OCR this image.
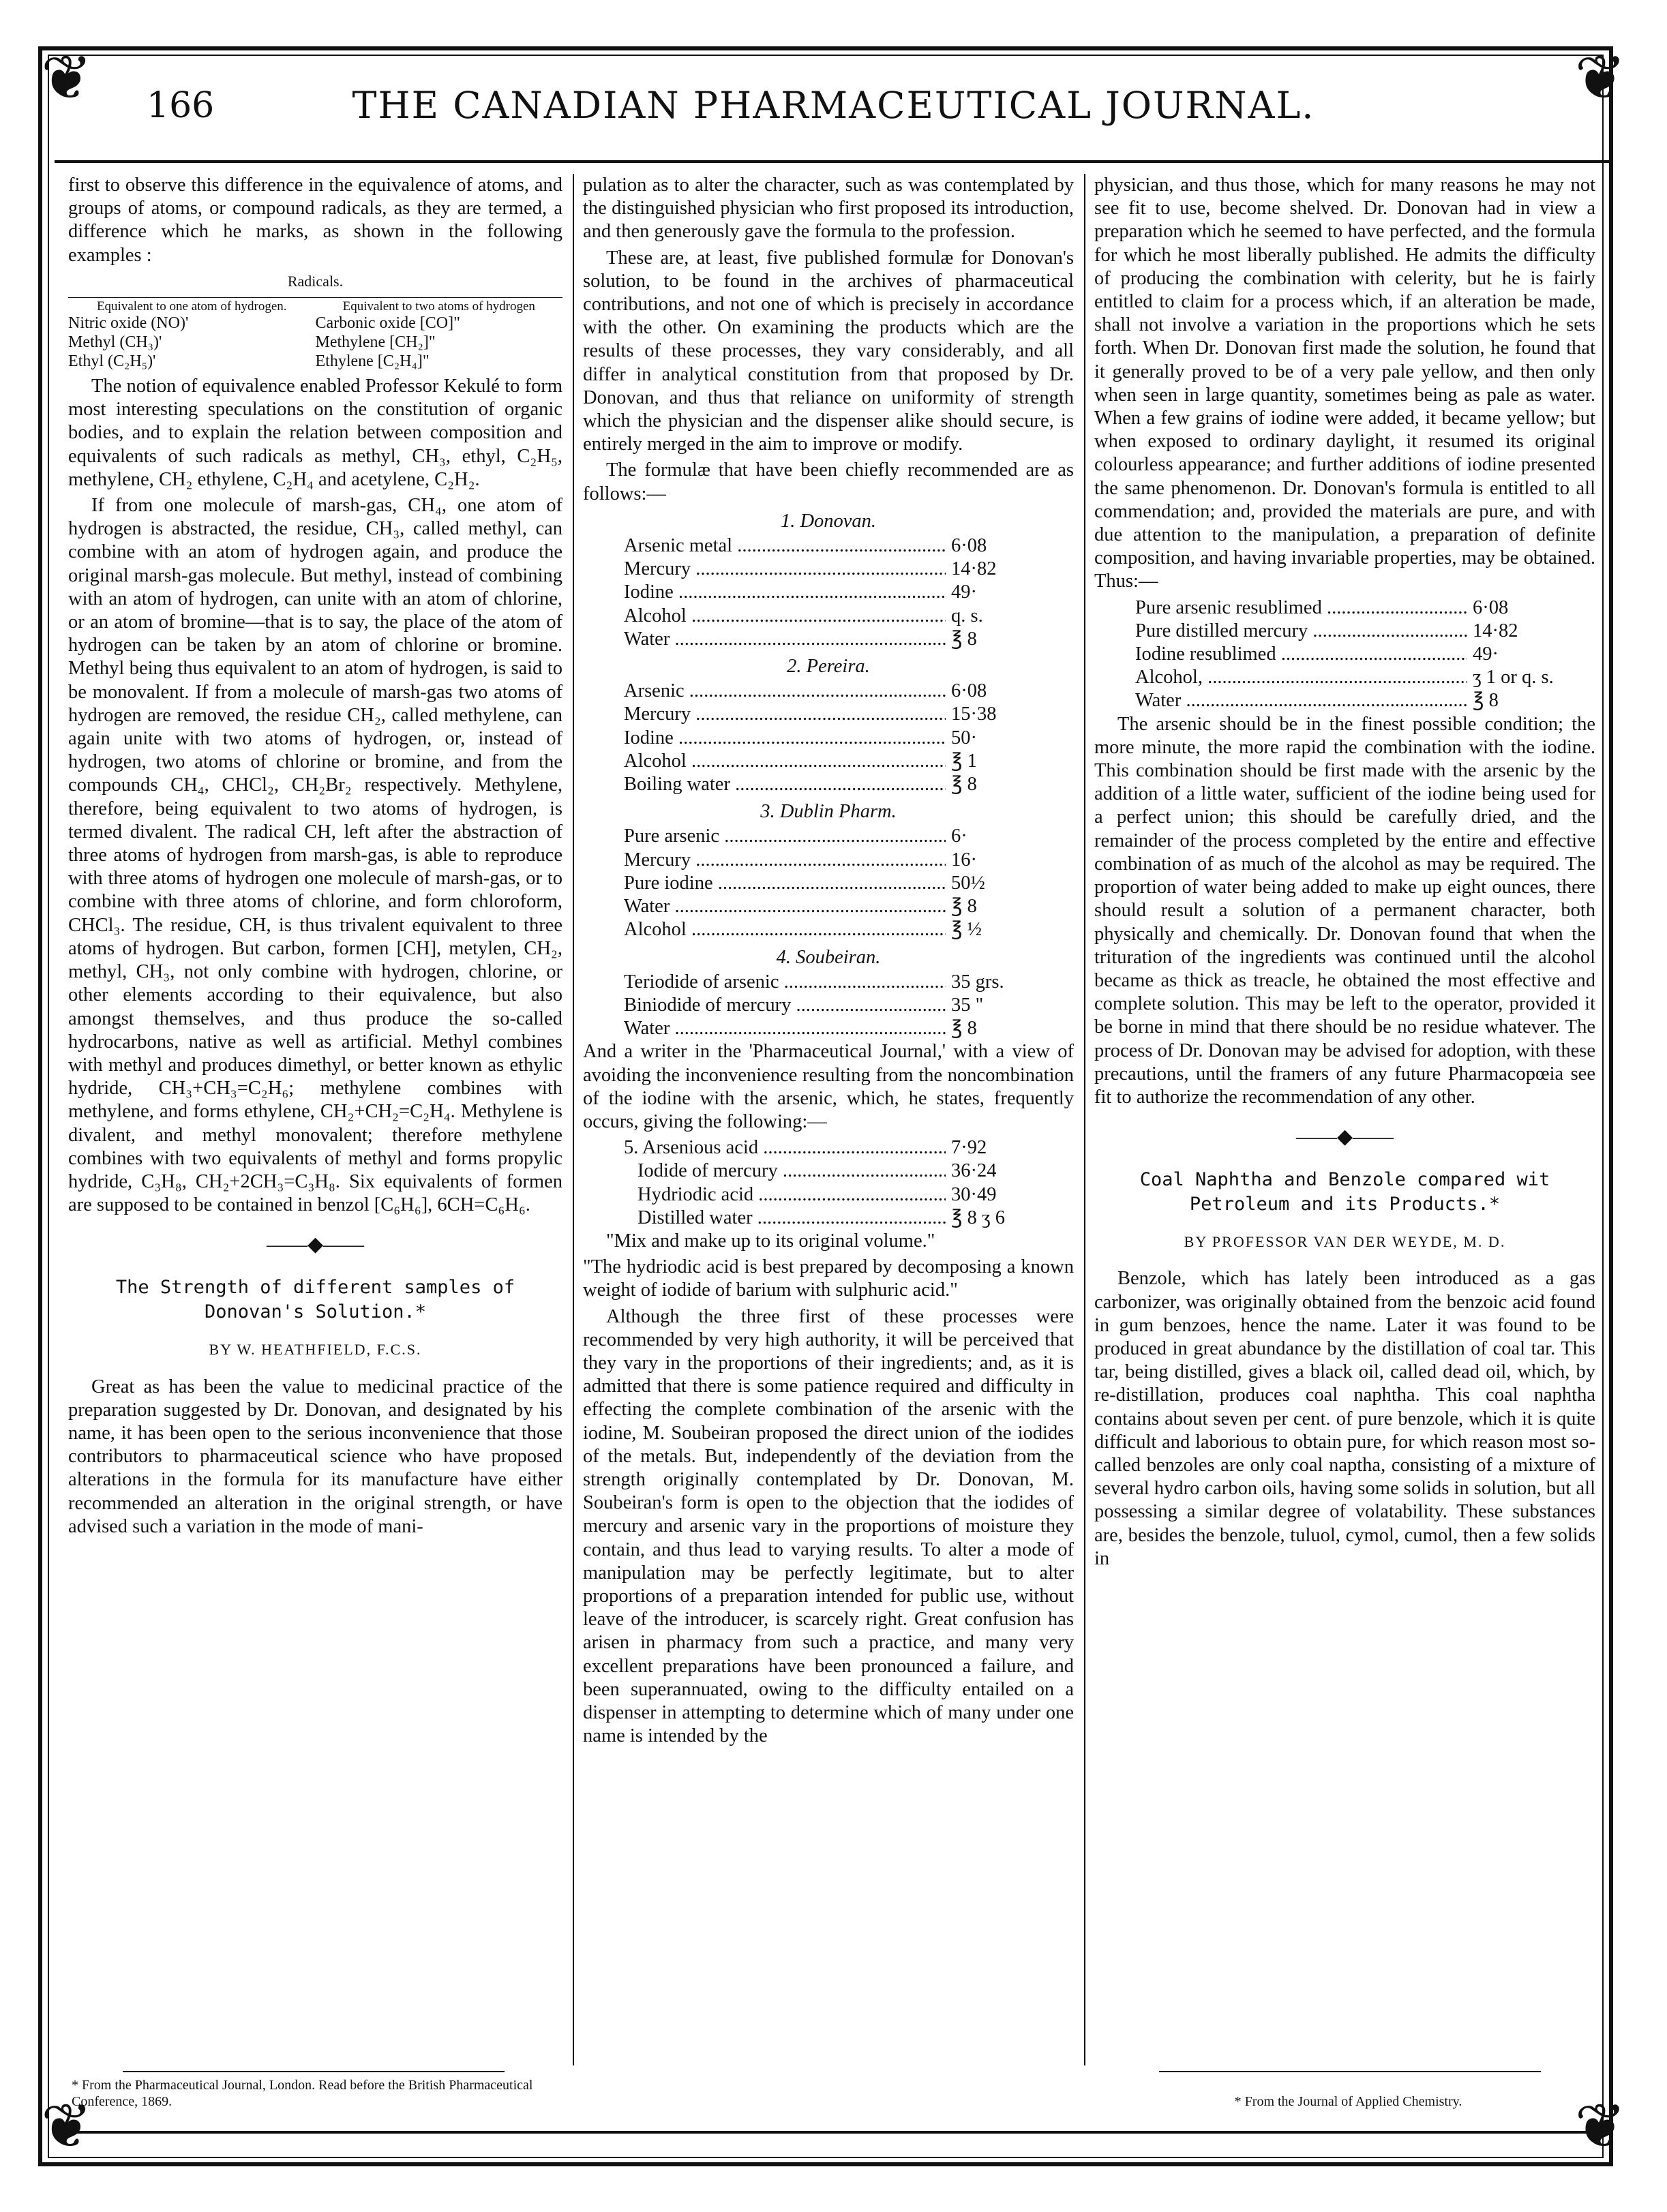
❦	❦
❦	❦
166	THE CANADIAN PHARMACEUTICAL JOURNAL.

first to observe this difference in the equivalence of atoms, and groups of atoms, or compound radicals, as they are termed, a difference which he marks, as shown in the following examples :

Radicals.
Equivalent to one atom of hydrogen.	Equivalent to two atoms of hydrogen
Nitric oxide (NO)'	Carbonic oxide [CO]"
Methyl (CH₃)'	Methylene [CH₂]"
Ethyl (C₂H₅)'	Ethylene [C₂H₄]"

The notion of equivalence enabled Professor Kekulé to form most interesting speculations on the constitution of organic bodies, and to explain the relation between composition and equivalents of such radicals as methyl, CH₃, ethyl, C₂H₅, methylene, CH₂ ethylene, C₂H₄ and acetylene, C₂H₂.

If from one molecule of marsh-gas, CH₄, one atom of hydrogen is abstracted, the residue, CH₃, called methyl, can combine with an atom of hydrogen again, and produce the original marsh-gas molecule. But methyl, instead of combining with an atom of hydrogen, can unite with an atom of chlorine, or an atom of bromine—that is to say, the place of the atom of hydrogen can be taken by an atom of chlorine or bromine. Methyl being thus equivalent to an atom of hydrogen, is said to be monovalent. If from a molecule of marsh-gas two atoms of hydrogen are removed, the residue CH₂, called methylene, can again unite with two atoms of hydrogen, or, instead of hydrogen, two atoms of chlorine or bromine, and from the compounds CH₄, CHCl₂, CH₂Br₂ respectively. Methylene, therefore, being equivalent to two atoms of hydrogen, is termed divalent. The radical CH, left after the abstraction of three atoms of hydrogen from marsh-gas, is able to reproduce with three atoms of hydrogen one molecule of marsh-gas, or to combine with three atoms of chlorine, and form chloroform, CHCl₃. The residue, CH, is thus trivalent equivalent to three atoms of hydrogen. But carbon, formen [CH], metylen, CH₂, methyl, CH₃, not only combine with hydrogen, chlorine, or other elements according to their equivalence, but also amongst themselves, and thus produce the so-called hydrocarbons, native as well as artificial. Methyl combines with methyl and produces dimethyl, or better known as ethylic hydride, CH₃+CH₃=C₂H₆; methylene combines with methylene, and forms ethylene, CH₂+CH₂=C₂H₄. Methylene is divalent, and methyl monovalent; therefore methylene combines with two equivalents of methyl and forms propylic hydride, C₃H₈, CH₂+2CH₃=C₃H₈. Six equivalents of formen are supposed to be contained in benzol [C₆H₆], 6CH=C₆H₆.

——◆——
The Strength of different samples of Donovan's Solution.*
BY W. HEATHFIELD, F.C.S.

Great as has been the value to medicinal practice of the preparation suggested by Dr. Donovan, and designated by his name, it has been open to the serious inconvenience that those contributors to pharmaceutical science who have proposed alterations in the formula for its manufacture have either recommended an alteration in the original strength, or have advised such a variation in the mode of mani-

* From the Pharmaceutical Journal, London. Read before the British Pharmaceutical Conference, 1869.

pulation as to alter the character, such as was contemplated by the distinguished physician who first proposed its introduction, and then generously gave the formula to the profession.

These are, at least, five published formulæ for Donovan's solution, to be found in the archives of pharmaceutical contributions, and not one of which is precisely in accordance with the other. On examining the products which are the results of these processes, they vary considerably, and all differ in analytical constitution from that proposed by Dr. Donovan, and thus that reliance on uniformity of strength which the physician and the dispenser alike should secure, is entirely merged in the aim to improve or modify.

The formulæ that have been chiefly recommended are as follows:—

1. Donovan.
Arsenic metal .....	6·08
Mercury .....	14·82
Iodine .....	49·
Alcohol .....	q. s.
Water .....	℥ 8
2. Pereira.
Arsenic .....	6·08
Mercury .....	15·38
Iodine .....	50·
Alcohol .....	℥ 1
Boiling water .....	℥ 8
3. Dublin Pharm.
Pure arsenic .....	6·
Mercury .....	16·
Pure iodine .....	50½
Water .....	℥ 8
Alcohol .....	℥ ½
4. Soubeiran.
Teriodide of arsenic .....	35 grs.
Biniodide of mercury .....	35 "
Water .....	℥ 8

And a writer in the 'Pharmaceutical Journal,' with a view of avoiding the inconvenience resulting from the noncombination of the iodine with the arsenic, which, he states, frequently occurs, giving the following:—

5. Arsenious acid .....	7·92
Iodide of mercury .....	36·24
Hydriodic acid .....	30·49
Distilled water .....	℥ 8 ʒ 6

"Mix and make up to its original volume."

"The hydriodic acid is best prepared by decomposing a known weight of iodide of barium with sulphuric acid."

Although the three first of these processes were recommended by very high authority, it will be perceived that they vary in the proportions of their ingredients; and, as it is admitted that there is some patience required and difficulty in effecting the complete combination of the arsenic with the iodine, M. Soubeiran proposed the direct union of the iodides of the metals. But, independently of the deviation from the strength originally contemplated by Dr. Donovan, M. Soubeiran's form is open to the objection that the iodides of mercury and arsenic vary in the proportions of moisture they contain, and thus lead to varying results. To alter a mode of manipulation may be perfectly legitimate, but to alter proportions of a preparation intended for public use, without leave of the introducer, is scarcely right. Great confusion has arisen in pharmacy from such a practice, and many very excellent preparations have been pronounced a failure, and been superannuated, owing to the difficulty entailed on a dispenser in attempting to determine which of many under one name is intended by the

physician, and thus those, which for many reasons he may not see fit to use, become shelved. Dr. Donovan had in view a preparation which he seemed to have perfected, and the formula for which he most liberally published. He admits the difficulty of producing the combination with celerity, but he is fairly entitled to claim for a process which, if an alteration be made, shall not involve a variation in the proportions which he sets forth. When Dr. Donovan first made the solution, he found that it generally proved to be of a very pale yellow, and then only when seen in large quantity, sometimes being as pale as water. When a few grains of iodine were added, it became yellow; but when exposed to ordinary daylight, it resumed its original colourless appearance; and further additions of iodine presented the same phenomenon. Dr. Donovan's formula is entitled to all commendation; and, provided the materials are pure, and with due attention to the manipulation, a preparation of definite composition, and having invariable properties, may be obtained. Thus:—

Pure arsenic resublimed .....	6·08
Pure distilled mercury .....	14·82
Iodine resublimed .....	49·
Alcohol, .....	ʒ 1 or q. s.
Water .....	℥ 8

The arsenic should be in the finest possible condition; the more minute, the more rapid the combination with the iodine. This combination should be first made with the arsenic by the addition of a little water, sufficient of the iodine being used for a perfect union; this should be carefully dried, and the remainder of the process completed by the entire and effective combination of as much of the alcohol as may be required. The proportion of water being added to make up eight ounces, there should result a solution of a permanent character, both physically and chemically. Dr. Donovan found that when the trituration of the ingredients was continued until the alcohol became as thick as treacle, he obtained the most effective and complete solution. This may be left to the operator, provided it be borne in mind that there should be no residue whatever. The process of Dr. Donovan may be advised for adoption, with these precautions, until the framers of any future Pharmacopœia see fit to authorize the recommendation of any other.

——◆——
Coal Naphtha and Benzole compared wit Petroleum and its Products.*
BY PROFESSOR VAN DER WEYDE, M. D.

Benzole, which has lately been introduced as a gas carbonizer, was originally obtained from the benzoic acid found in gum benzoes, hence the name. Later it was found to be produced in great abundance by the distillation of coal tar. This tar, being distilled, gives a black oil, called dead oil, which, by re-distillation, produces coal naphtha. This coal naphtha contains about seven per cent. of pure benzole, which it is quite difficult and laborious to obtain pure, for which reason most so-called benzoles are only coal naptha, consisting of a mixture of several hydro carbon oils, having some solids in solution, but all possessing a similar degree of volatability. These substances are, besides the benzole, tuluol, cymol, cumol, then a few solids in

* From the Journal of Applied Chemistry.
